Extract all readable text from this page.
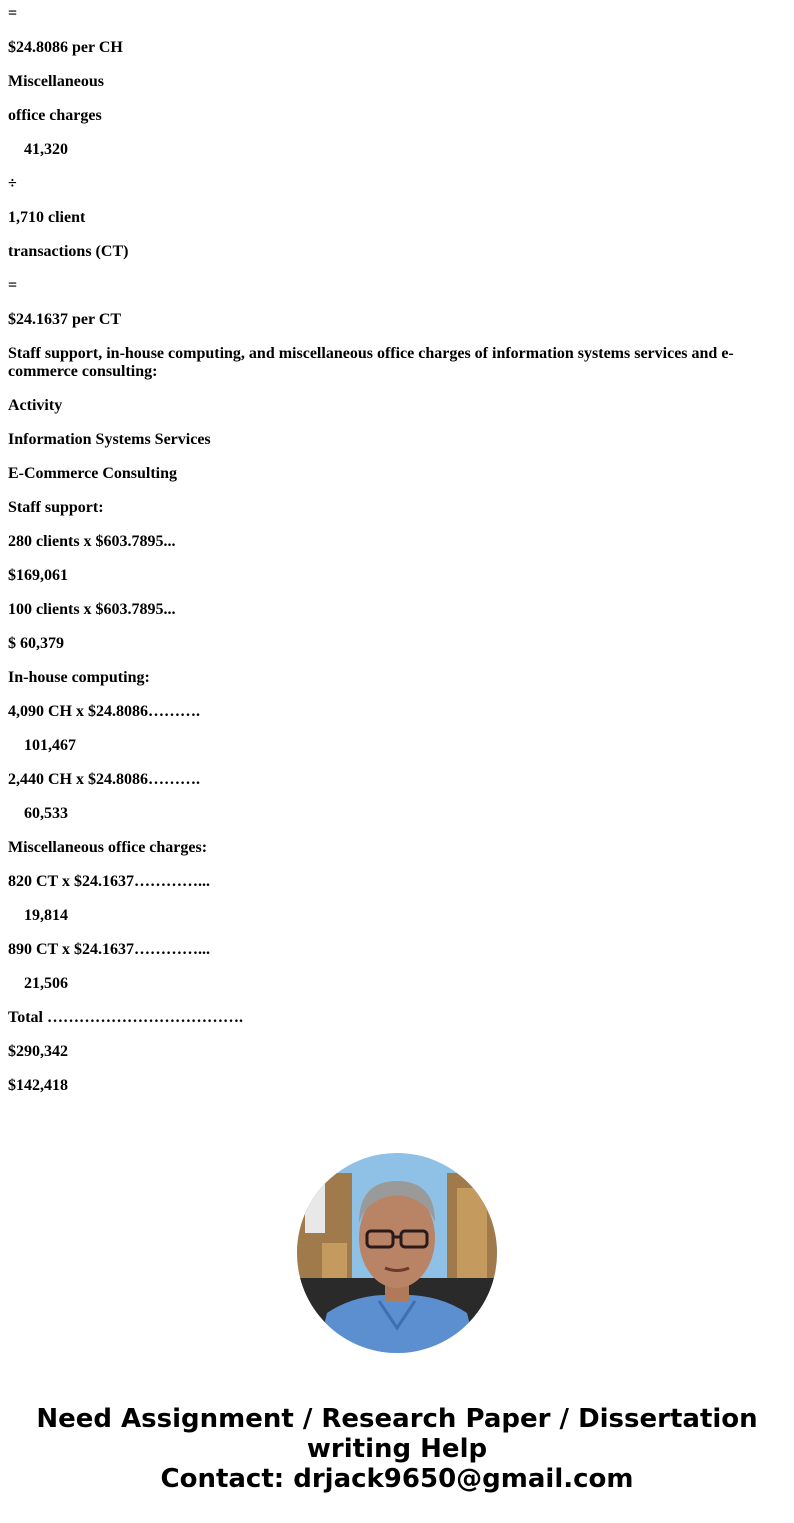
=

$24.8086 per CH

Miscellaneous

office charges

41,320

÷

1,710 client

transactions (CT)

=

$24.1637 per CT

Staff support, in-house computing, and miscellaneous office charges of information systems services and e-commerce consulting:

Activity

Information Systems Services

E-Commerce Consulting

Staff support:

280 clients x $603.7895...

$169,061

100 clients x $603.7895...

$ 60,379

In-house computing:

4,090 CH x $24.8086……….

101,467

2,440 CH x $24.8086……….

60,533

Miscellaneous office charges:

820 CT x $24.1637…………...

19,814

890 CT x $24.1637…………...

21,506

Total ……………………………….

$290,342

$142,418

Need Assignment / Research Paper / Dissertation
writing Help
Contact: drjack9650@gmail.com
